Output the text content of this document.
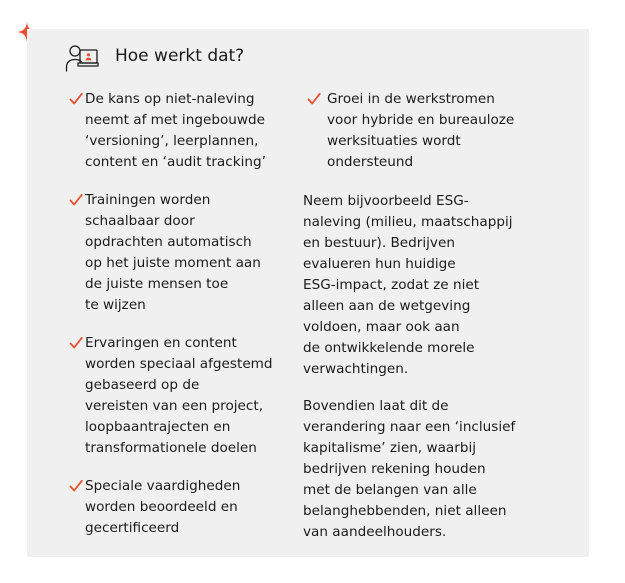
Hoe werkt dat?
De kans op niet-naleving
neemt af met ingebouwde
‘versioning’, leerplannen,
content en ‘audit tracking’
Trainingen worden
schaalbaar door
opdrachten automatisch
op het juiste moment aan
de juiste mensen toe
te wijzen
Ervaringen en content
worden speciaal afgestemd
gebaseerd op de
vereisten van een project,
loopbaantrajecten en
transformationele doelen
Speciale vaardigheden
worden beoordeeld en
gecertificeerd
Groei in de werkstromen
voor hybride en bureauloze
werksituaties wordt
ondersteund

Neem bijvoorbeeld ESG-
naleving (milieu, maatschappij
en bestuur). Bedrijven
evalueren hun huidige
ESG-impact, zodat ze niet
alleen aan de wetgeving
voldoen, maar ook aan
de ontwikkelende morele
verwachtingen.

Bovendien laat dit de
verandering naar een ‘inclusief
kapitalisme’ zien, waarbij
bedrijven rekening houden
met de belangen van alle
belanghebbenden, niet alleen
van aandeelhouders.
